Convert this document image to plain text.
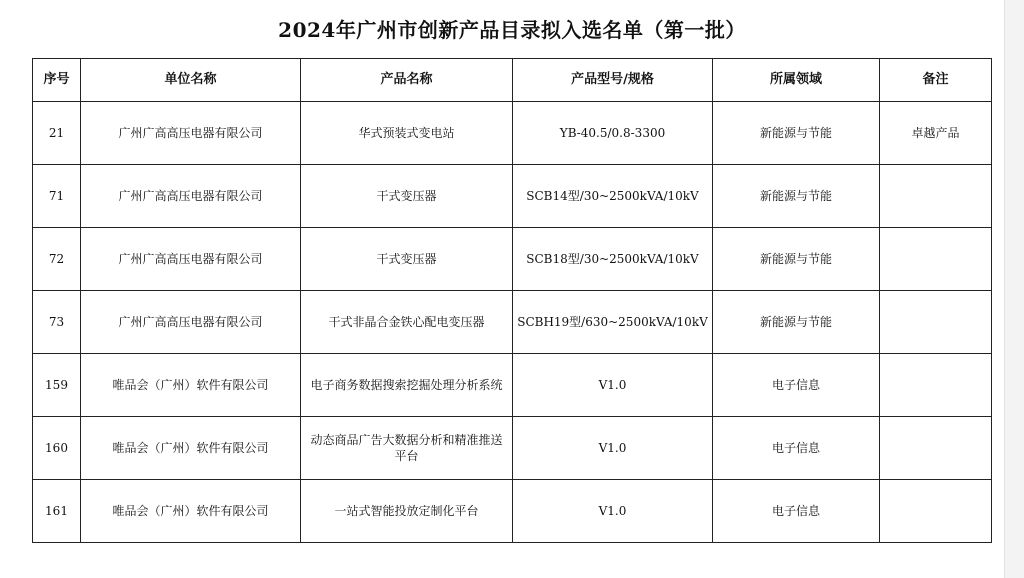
2024年广州市创新产品目录拟入选名单（第一批）
序号	单位名称	产品名称	产品型号/规格	所属领域	备注
21	广州广高高压电器有限公司	华式预装式变电站	YB-40.5/0.8-3300	新能源与节能	卓越产品
71	广州广高高压电器有限公司	干式变压器	SCB14型/30~2500kVA/10kV	新能源与节能	
72	广州广高高压电器有限公司	干式变压器	SCB18型/30~2500kVA/10kV	新能源与节能	
73	广州广高高压电器有限公司	干式非晶合金铁心配电变压器	SCBH19型/630~2500kVA/10kV	新能源与节能	
159	唯品会（广州）软件有限公司	电子商务数据搜索挖掘处理分析系统	V1.0	电子信息	
160	唯品会（广州）软件有限公司	动态商品广告大数据分析和精准推送平台	V1.0	电子信息	
161	唯品会（广州）软件有限公司	一站式智能投放定制化平台	V1.0	电子信息	
